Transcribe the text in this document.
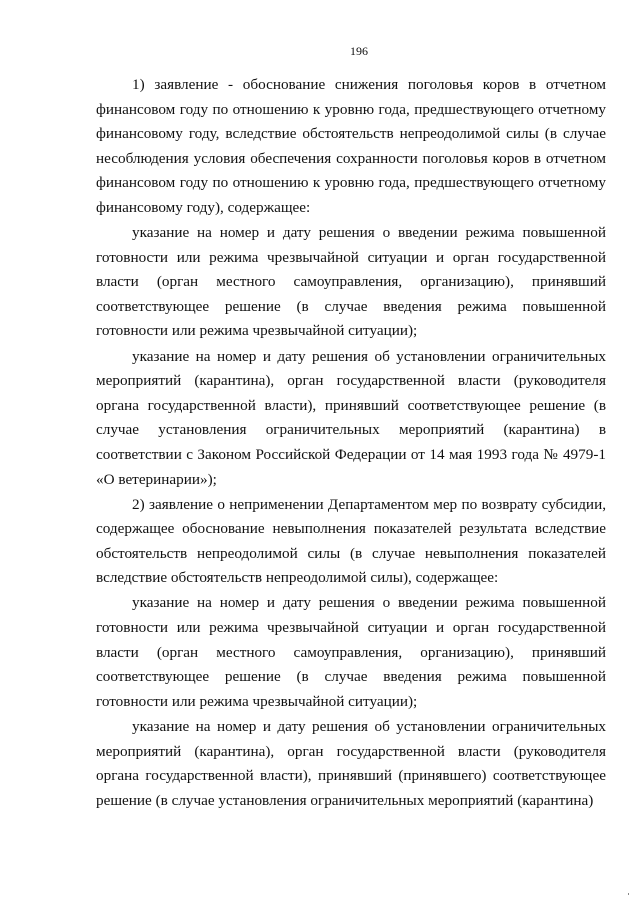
196

1) заявление - обоснование снижения поголовья коров в отчетном финансовом году по отношению к уровню года, предшествующего отчетному финансовому году, вследствие обстоятельств непреодолимой силы (в случае несоблюдения условия обеспечения сохранности поголовья коров в отчетном финансовом году по отношению к уровню года, предшествующего отчетному финансовому году), содержащее:

указание на номер и дату решения о введении режима повышенной готовности или режима чрезвычайной ситуации и орган государственной власти (орган местного самоуправления, организацию), принявший соответствующее решение (в случае введения режима повышенной готовности или режима чрезвычайной ситуации);

указание на номер и дату решения об установлении ограничительных мероприятий (карантина), орган государственной власти (руководителя органа государственной власти), принявший соответствующее решение (в случае установления ограничительных мероприятий (карантина) в соответствии с Законом Российской Федерации от 14 мая 1993 года № 4979-1 «О ветеринарии»);

2) заявление о неприменении Департаментом мер по возврату субсидии, содержащее обоснование невыполнения показателей результата вследствие обстоятельств непреодолимой силы (в случае невыполнения показателей вследствие обстоятельств непреодолимой силы), содержащее:

указание на номер и дату решения о введении режима повышенной готовности или режима чрезвычайной ситуации и орган государственной власти (орган местного самоуправления, организацию), принявший соответствующее решение (в случае введения режима повышенной готовности или режима чрезвычайной ситуации);

указание на номер и дату решения об установлении ограничительных мероприятий (карантина), орган государственной власти (руководителя органа государственной власти), принявший (принявшего) соответствующее решение (в случае установления ограничительных мероприятий (карантина)
